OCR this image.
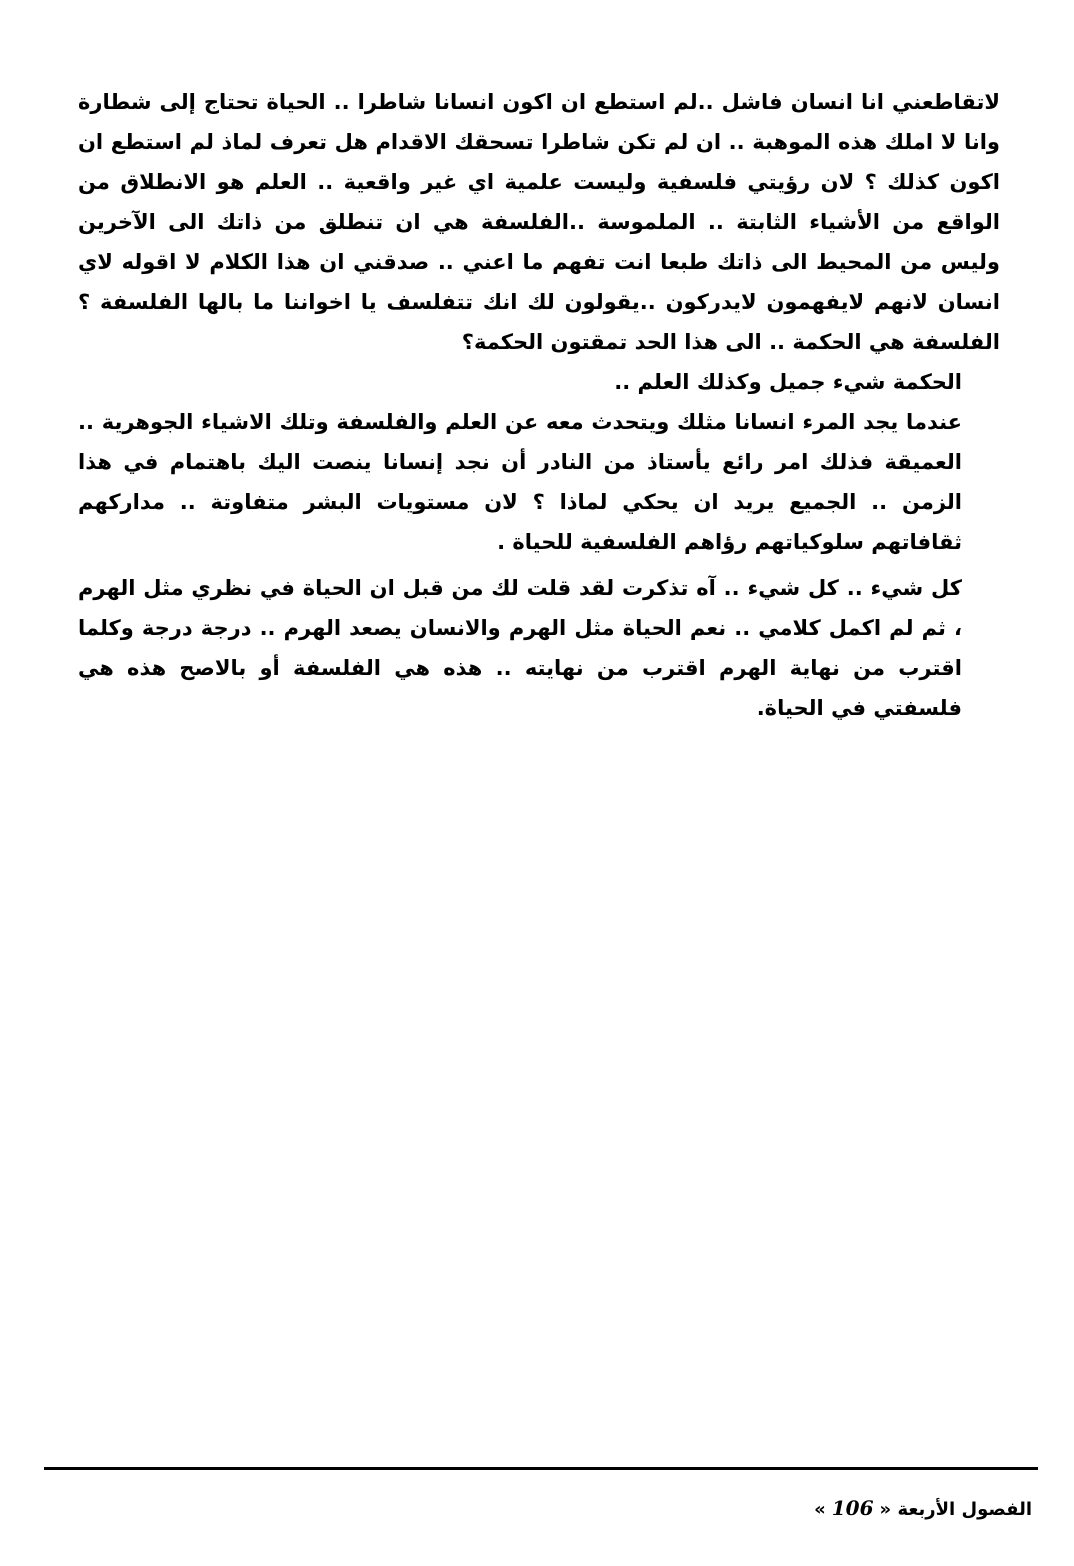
لاتقاطعني انا انسان فاشل ..لم استطع ان اكون انسانا شاطرا .. الحياة تحتاج إلى شطارة وانا لا املك هذه الموهبة .. ان لم تكن شاطرا تسحقك الاقدام هل تعرف لماذ لم استطع ان اكون كذلك ؟ لان رؤيتي فلسفية وليست علمية اي غير واقعية .. العلم هو الانطلاق من الواقع من الأشياء الثابتة .. الملموسة ..الفلسفة هي ان تنطلق من ذاتك الى الآخرين وليس من المحيط الى ذاتك طبعا انت تفهم ما اعني .. صدقني ان هذا الكلام لا اقوله لاي انسان لانهم لايفهمون لايدركون ..يقولون لك انك تتفلسف يا اخواننا ما بالها الفلسفة ؟ الفلسفة هي الحكمة .. الى هذا الحد تمقتون الحكمة؟

الحكمة شيء جميل وكذلك العلم ..

عندما يجد المرء انسانا مثلك ويتحدث معه عن العلم والفلسفة وتلك الاشياء الجوهرية .. العميقة فذلك امر رائع يأستاذ من النادر أن نجد إنسانا ينصت اليك باهتمام في هذا الزمن .. الجميع يريد ان يحكي لماذا ؟ لان مستويات البشر متفاوتة .. مداركهم ثقافاتهم سلوكياتهم رؤاهم الفلسفية للحياة .

كل شيء .. كل شيء .. آه تذكرت لقد قلت لك من قبل ان الحياة في نظري مثل الهرم ، ثم لم اكمل كلامي .. نعم الحياة مثل الهرم والانسان يصعد الهرم .. درجة درجة وكلما اقترب من نهاية الهرم اقترب من نهايته .. هذه هي الفلسفة أو بالاصح هذه هي فلسفتي في الحياة.

الفصول الأربعة «106»
